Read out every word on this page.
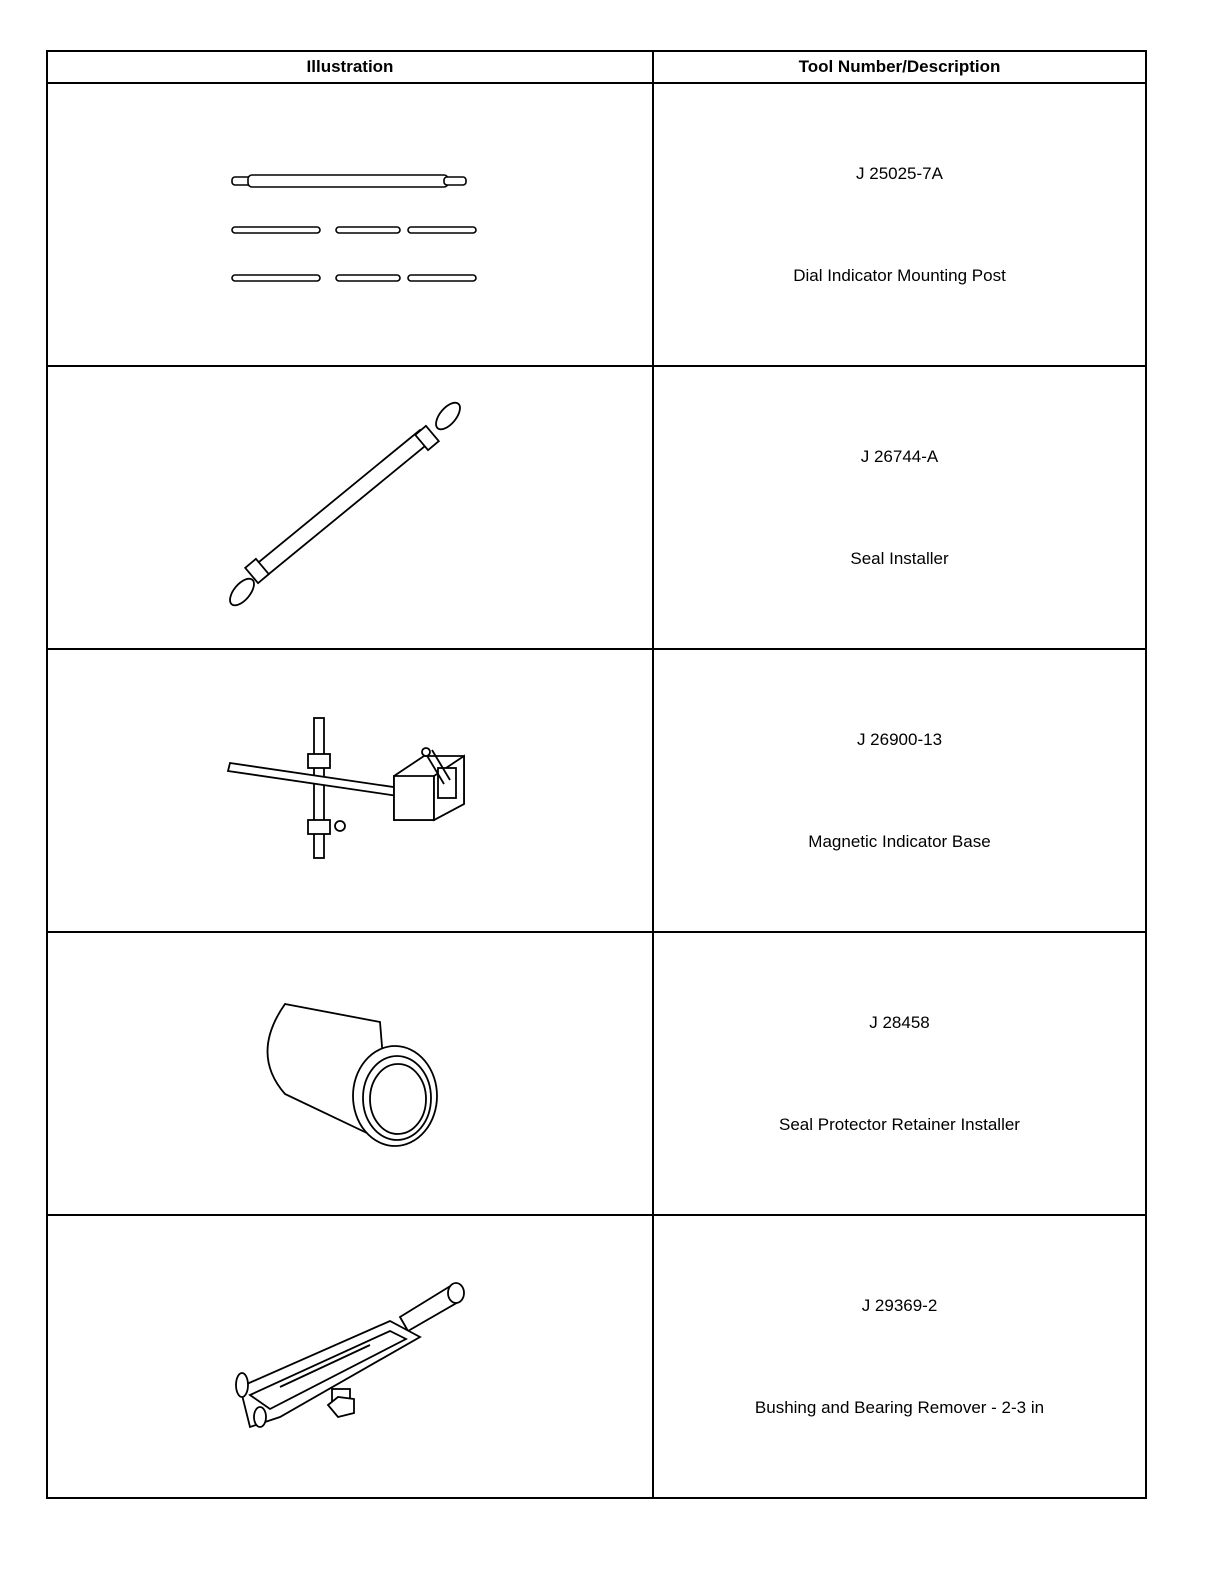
Illustration	Tool Number/Description

J 25025-7A
Dial Indicator Mounting Post

J 26744-A
Seal Installer

J 26900-13
Magnetic Indicator Base

J 28458
Seal Protector Retainer Installer

J 29369-2
Bushing and Bearing Remover - 2-3 in
